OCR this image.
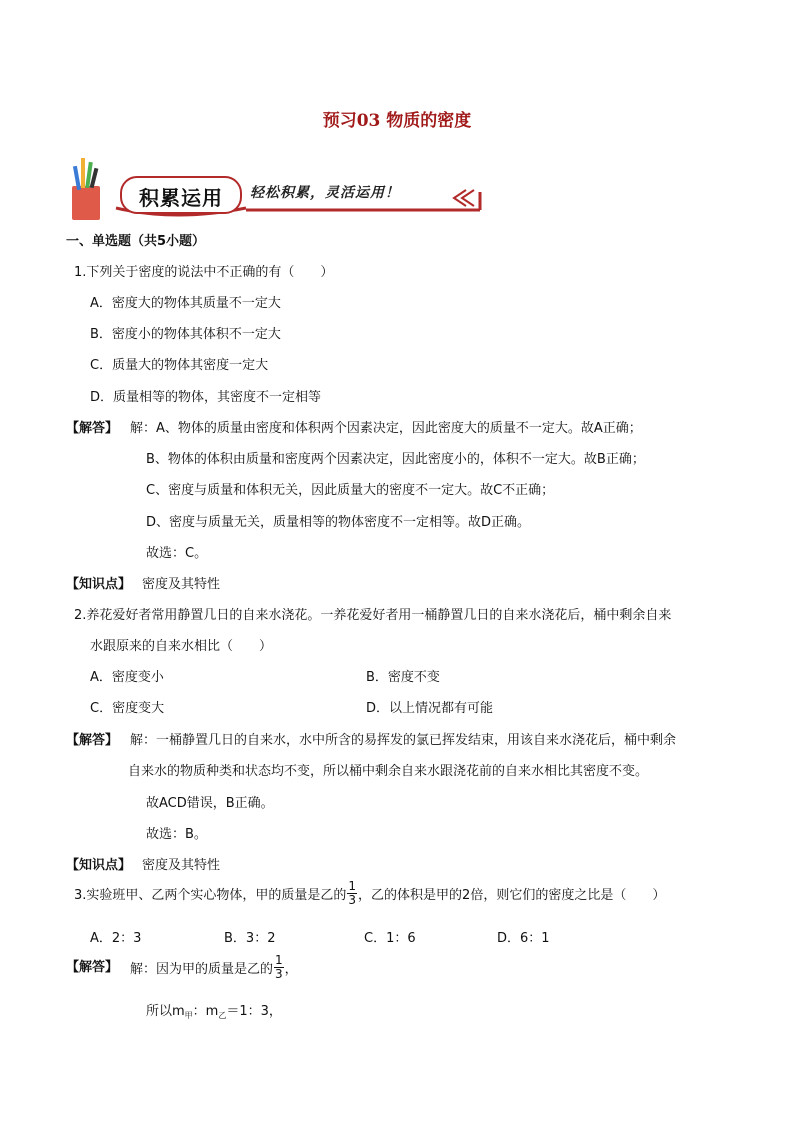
预习03 物质的密度
积累运用	轻松积累，灵活运用！
一、单选题（共5小题）
1.下列关于密度的说法中不正确的有（　　）
A．密度大的物体其质量不一定大
B．密度小的物体其体积不一定大
C．质量大的物体其密度一定大
D．质量相等的物体，其密度不一定相等
【解答】 解：A、物体的质量由密度和体积两个因素决定，因此密度大的质量不一定大。故A正确；
B、物体的体积由质量和密度两个因素决定，因此密度小的，体积不一定大。故B正确；
C、密度与质量和体积无关，因此质量大的密度不一定大。故C不正确；
D、密度与质量无关，质量相等的物体密度不一定相等。故D正确。
故选：C。
【知识点】 密度及其特性
2.养花爱好者常用静置几日的自来水浇花。一养花爱好者用一桶静置几日的自来水浇花后，桶中剩余自来
水跟原来的自来水相比（　　）
A．密度变小	B．密度不变
C．密度变大	D．以上情况都有可能
【解答】 解：一桶静置几日的自来水，水中所含的易挥发的氯已挥发结束，用该自来水浇花后，桶中剩余
自来水的物质种类和状态均不变，所以桶中剩余自来水跟浇花前的自来水相比其密度不变。
故ACD错误，B正确。
故选：B。
【知识点】 密度及其特性
3.实验班甲、乙两个实心物体，甲的质量是乙的 $\frac{1}{3}$ ，乙的体积是甲的2倍，则它们的密度之比是（　　）
A．2：3	B．3：2	C．1：6	D．6：1
【解答】 解：因为甲的质量是乙的 $\frac{1}{3}$ ，
所以$m_甲$：$m_乙=1$：3，
